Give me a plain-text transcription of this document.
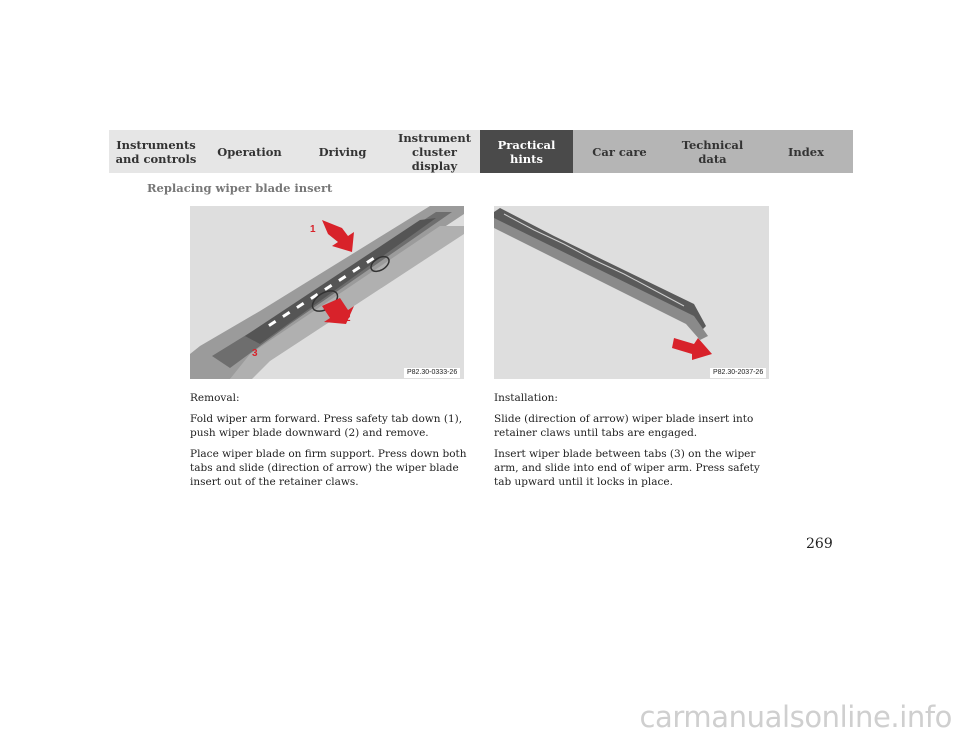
Instruments
and controls Operation	Driving
Instrument
cluster display
Practical hints	Car care	Technical
data	Index
Replacing wiper blade insert
1
2
3
P82.30-0333-26	P82.30-2037-26

Removal:

Fold wiper arm forward. Press safety tab down (1), push wiper blade downward (2) and remove.

Place wiper blade on firm support. Press down both tabs and slide (direction of arrow) the wiper blade insert out of the retainer claws.

Installation:

Slide (direction of arrow) wiper blade insert into retainer claws until tabs are engaged.

Insert wiper blade between tabs (3) on the wiper arm, and slide into end of wiper arm. Press safety tab upward until it locks in place.

269
carmanualsonline.info
